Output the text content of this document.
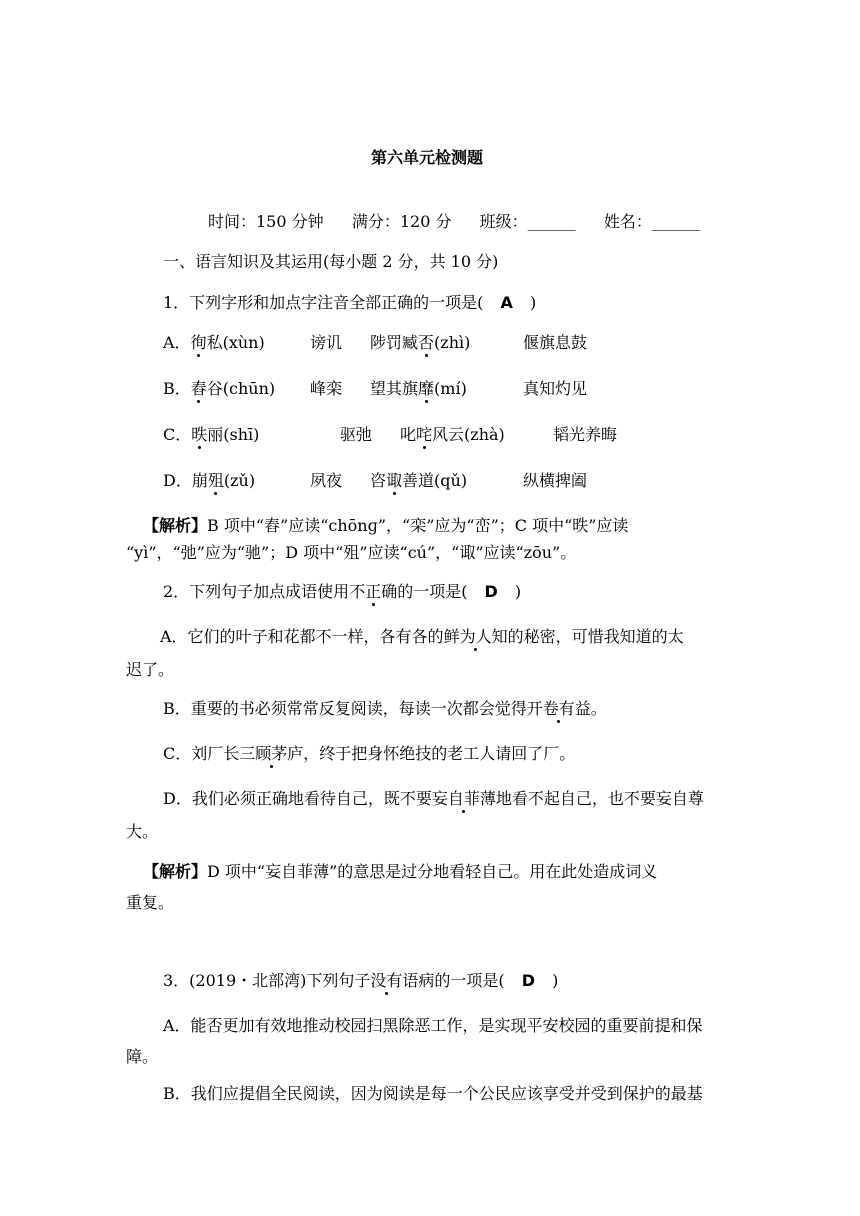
第六单元检测题
时间：150 分钟 满分：120 分 班级：______ 姓名：______
一、语言知识及其运用(每小题 2 分，共 10 分)
1．下列字形和加点字注音全部正确的一项是( A )
A．徇私(xùn)	谤讥 陟罚臧否(zhì)	偃旗息鼓
B．舂谷(chūn) 峰栾 望其旗靡(mí)	真知灼见
C．昳丽(shī)	驱弛 叱咤风云(zhà)	韬光养晦
D．崩殂(zǔ)	夙夜 咨诹善道(qǔ)	纵横捭阖
【解析】B 项中“舂”应读“chōnɡ”，“栾”应为“峦”；C 项中“昳”应读
“yì”，“弛”应为“驰”；D 项中“殂”应读“cú”，“诹”应读“zōu”。
2．下列句子加点成语使用不正确的一项是( D )
A．它们的叶子和花都不一样，各有各的鲜为人知的秘密，可惜我知道的太
迟了。
B．重要的书必须常常反复阅读，每读一次都会觉得开卷有益。
C．刘厂长三顾茅庐，终于把身怀绝技的老工人请回了厂。
D．我们必须正确地看待自己，既不要妄自菲薄地看不起自己，也不要妄自尊
大。
【解析】D 项中“妄自菲薄”的意思是过分地看轻自己。用在此处造成词义
重复。
3．(2019・北部湾)下列句子没有语病的一项是( D )
A．能否更加有效地推动校园扫黑除恶工作，是实现平安校园的重要前提和保
障。
B．我们应提倡全民阅读，因为阅读是每一个公民应该享受并受到保护的最基
